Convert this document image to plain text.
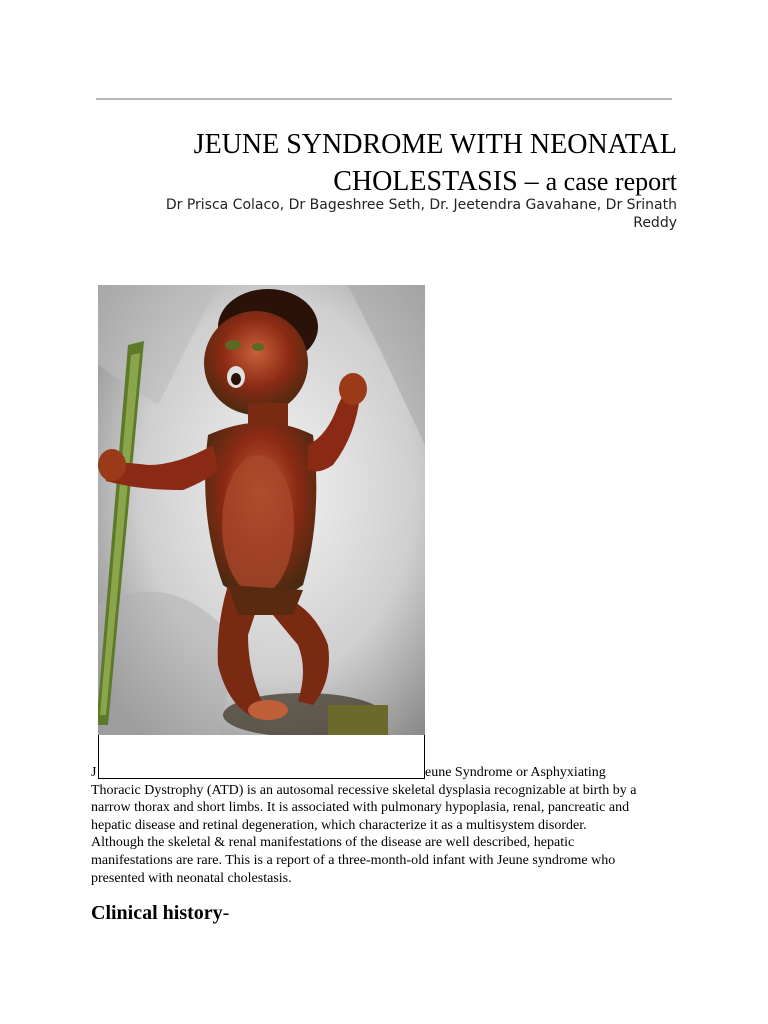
JEUNE SYNDROME WITH NEONATAL
CHOLESTASIS – a case report
Dr Prisca Colaco, Dr Bageshree Seth, Dr. Jeetendra Gavahane, Dr Srinath
Reddy
J	eune Syndrome or Asphyxiating
Thoracic Dystrophy (ATD) is an autosomal recessive skeletal dysplasia recognizable at birth by a
narrow thorax and short limbs. It is associated with pulmonary hypoplasia, renal, pancreatic and
hepatic disease and retinal degeneration, which characterize it as a multisystem disorder.
Although the skeletal & renal manifestations of the disease are well described, hepatic
manifestations are rare. This is a report of a three-month-old infant with Jeune syndrome who
presented with neonatal cholestasis.
Clinical history-
